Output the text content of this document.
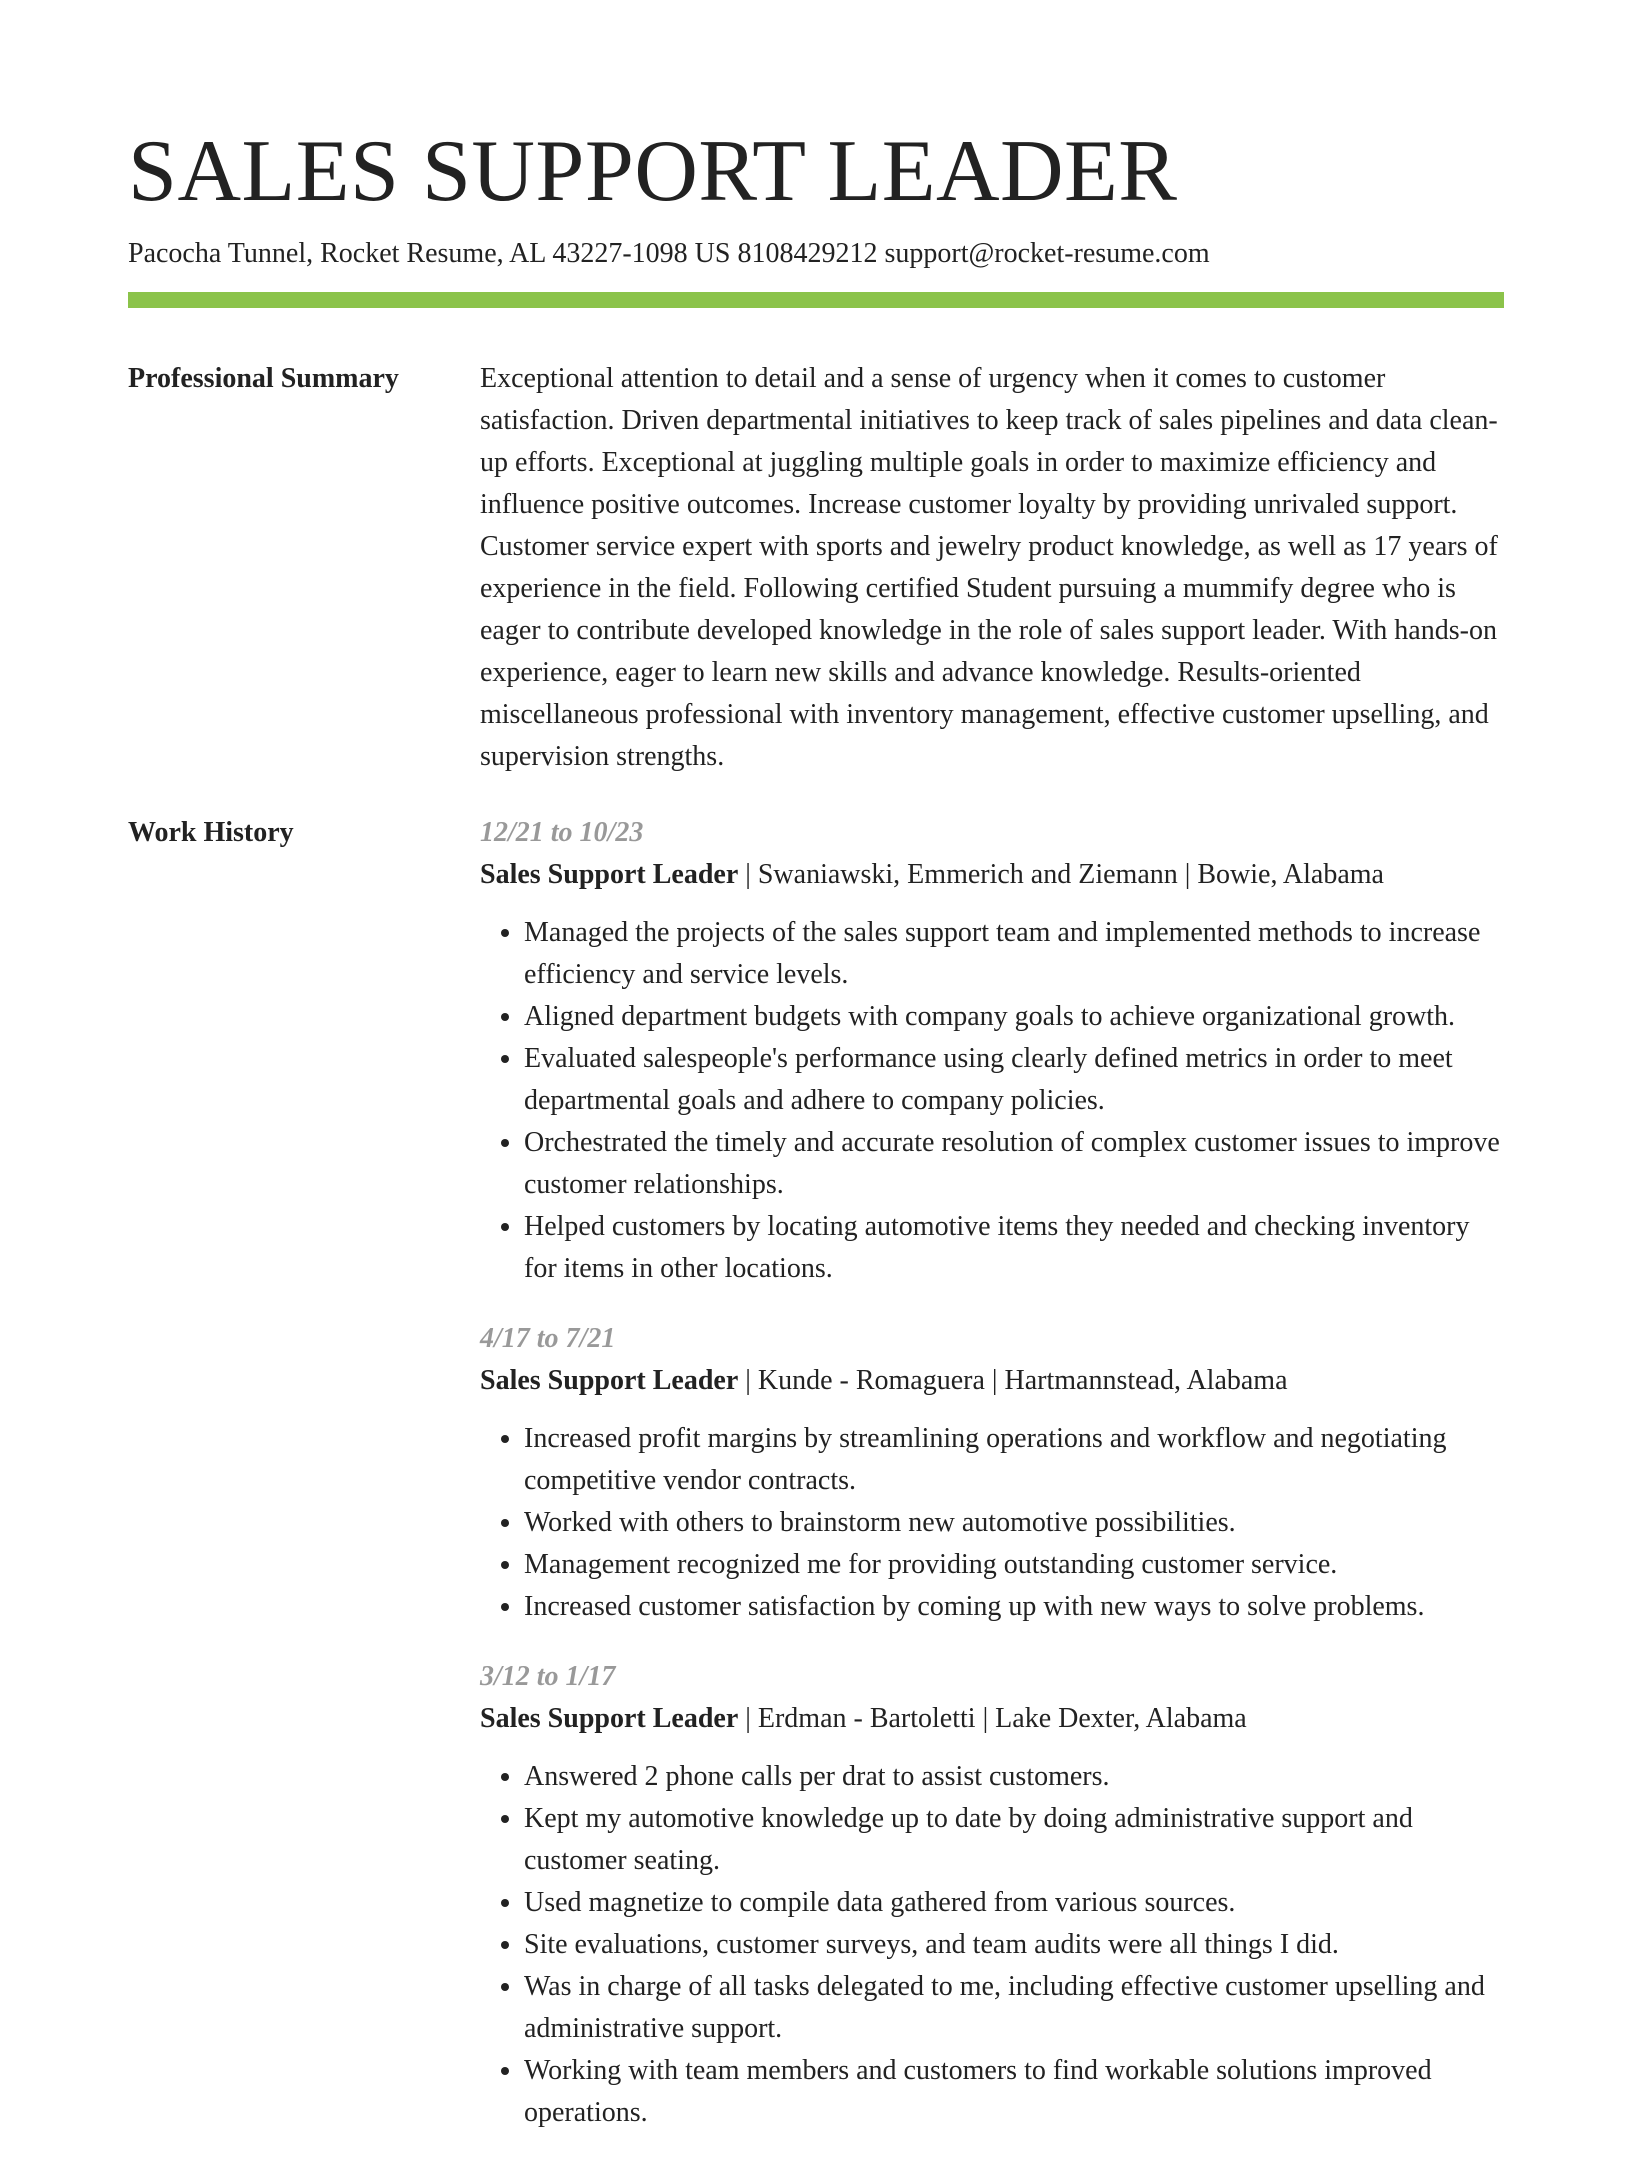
SALES SUPPORT LEADER
Pacocha Tunnel, Rocket Resume, AL 43227-1098 US 8108429212 support@rocket-resume.com
Professional Summary	Exceptional attention to detail and a sense of urgency when it comes to customer satisfaction. Driven departmental initiatives to keep track of sales pipelines and data clean-up efforts. Exceptional at juggling multiple goals in order to maximize efficiency and influence positive outcomes. Increase customer loyalty by providing unrivaled support. Customer service expert with sports and jewelry product knowledge, as well as 17 years of experience in the field. Following certified Student pursuing a mummify degree who is eager to contribute developed knowledge in the role of sales support leader. With hands-on experience, eager to learn new skills and advance knowledge. Results-oriented miscellaneous professional with inventory management, effective customer upselling, and supervision strengths.

Work History	12/21 to 10/23
Sales Support Leader | Swaniawski, Emmerich and Ziemann | Bowie, Alabama
• Managed the projects of the sales support team and implemented methods to increase efficiency and service levels.
• Aligned department budgets with company goals to achieve organizational growth.
• Evaluated salespeople's performance using clearly defined metrics in order to meet departmental goals and adhere to company policies.
• Orchestrated the timely and accurate resolution of complex customer issues to improve customer relationships.
• Helped customers by locating automotive items they needed and checking inventory for items in other locations.
4/17 to 7/21
Sales Support Leader | Kunde - Romaguera | Hartmannstead, Alabama
• Increased profit margins by streamlining operations and workflow and negotiating competitive vendor contracts.
• Worked with others to brainstorm new automotive possibilities.
• Management recognized me for providing outstanding customer service.
• Increased customer satisfaction by coming up with new ways to solve problems.
3/12 to 1/17
Sales Support Leader | Erdman - Bartoletti | Lake Dexter, Alabama
• Answered 2 phone calls per drat to assist customers.
• Kept my automotive knowledge up to date by doing administrative support and customer seating.
• Used magnetize to compile data gathered from various sources.
• Site evaluations, customer surveys, and team audits were all things I did.
• Was in charge of all tasks delegated to me, including effective customer upselling and administrative support.
• Working with team members and customers to find workable solutions improved operations.
